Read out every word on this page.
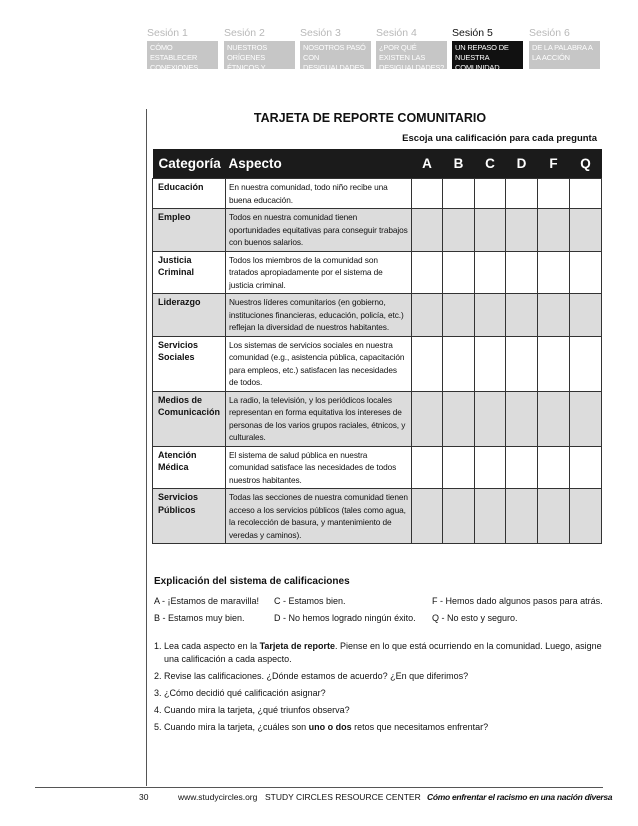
Sesión 1
CÓMO ESTABLECER CONEXIONES
Sesión 2
NUESTROS ORÍGENES ÉTNICOS Y RACIALES
Sesión 3
NOSOTROS PASÓ CON DESIGUALDADES
Sesión 4
¿POR QUÉ EXISTEN LAS DESIGUALDADES?
Sesión 5
UN REPASO DE NUESTRA COMUNIDAD
Sesión 6
DE LA PALABRA A LA ACCIÓN
TARJETA DE REPORTE COMUNITARIO
Escoja una calificación para cada pregunta
Categoría	Aspecto	A	B	C	D	F	Q
Educación	En nuestra comunidad, todo niño recibe una buena educación.						
Empleo	Todos en nuestra comunidad tienen oportunidades equitativas para conseguir trabajos con buenos salarios.						
Justicia Criminal	Todos los miembros de la comunidad son tratados apropiadamente por el sistema de justicia criminal.						
Liderazgo	Nuestros líderes comunitarios (en gobierno, instituciones financieras, educación, policía, etc.) reflejan la diversidad de nuestros habitantes.						
Servicios Sociales	Los sistemas de servicios sociales en nuestra comunidad (e.g., asistencia pública, capacitación para empleos, etc.) satisfacen las necesidades de todos.						
Medios de Comunicación	La radio, la televisión, y los periódicos locales representan en forma equitativa los intereses de personas de los varios grupos raciales, étnicos, y culturales.						
Atención Médica	El sistema de salud pública en nuestra comunidad satisface las necesidades de todos nuestros habitantes.						
Servicios Públicos	Todas las secciones de nuestra comunidad tienen acceso a los servicios públicos (tales como agua, la recolección de basura, y mantenimiento de veredas y caminos).						
Explicación del sistema de calificaciones
A - ¡Estamos de maravilla!
B - Estamos muy bien.
C - Estamos bien.
D - No hemos logrado ningún éxito.
F - Hemos dado algunos pasos para atrás.
Q - No esto y seguro.
1. Lea cada aspecto en la Tarjeta de reporte. Piense en lo que está ocurriendo en la comunidad. Luego, asigne una calificación a cada aspecto.
2. Revise las calificaciones. ¿Dónde estamos de acuerdo? ¿En que diferimos?
3. ¿Cómo decidió qué calificación asignar?
4. Cuando mira la tarjeta, ¿qué triunfos observa?
5. Cuando mira la tarjeta, ¿cuáles son uno o dos retos que necesitamos enfrentar?
30	www.studycircles.org STUDY CIRCLES RESOURCE CENTER Cómo enfrentar el racismo en una nación diversa
